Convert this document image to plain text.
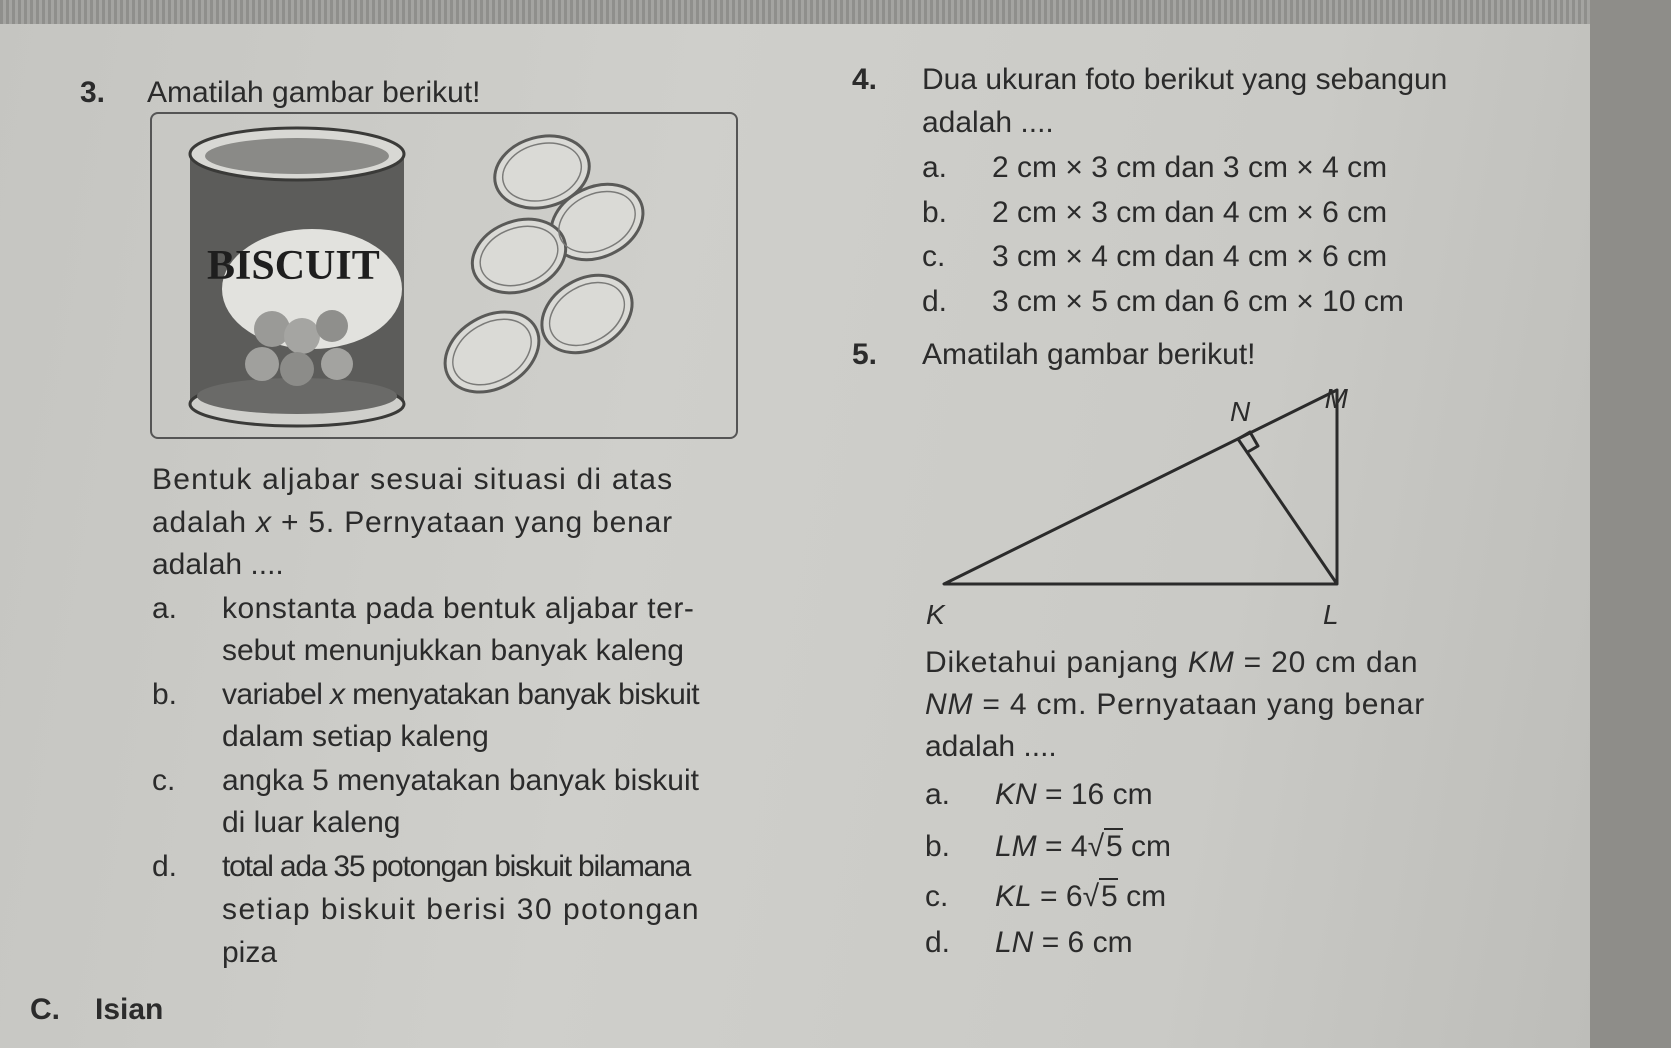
3. Amatilah gambar berikut!
BISCUIT
Bentuk aljabar sesuai situasi di atas
adalah x + 5. Pernyataan yang benar
adalah ....
a. konstanta pada bentuk aljabar ter-
sebut menunjukkan banyak kaleng
b. variabel x menyatakan banyak biskuit
dalam setiap kaleng
c. angka 5 menyatakan banyak biskuit
di luar kaleng
d. total ada 35 potongan biskuit bilamana
setiap biskuit berisi 30 potongan
piza
C. Isian
4. Dua ukuran foto berikut yang sebangun
adalah ....
a. 2 cm × 3 cm dan 3 cm × 4 cm
b. 2 cm × 3 cm dan 4 cm × 6 cm
c. 3 cm × 4 cm dan 4 cm × 6 cm
d. 3 cm × 5 cm dan 6 cm × 10 cm
5. Amatilah gambar berikut!
N	M
K	L
Diketahui panjang KM = 20 cm dan
NM = 4 cm. Pernyataan yang benar
adalah ....
a. KN = 16 cm
b. LM = 4√5 cm
c. KL = 6√5 cm
d. LN = 6 cm
